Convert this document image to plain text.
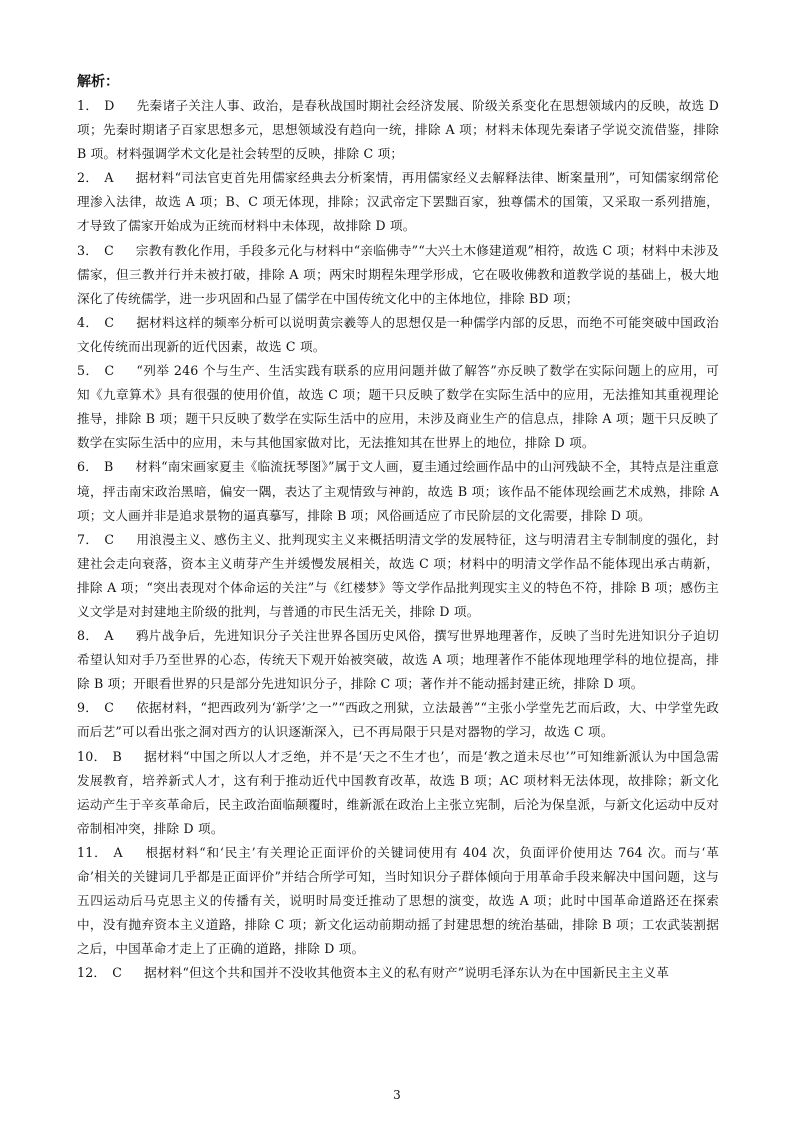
解析：

1． D 先秦诸子关注人事、政治，是春秋战国时期社会经济发展、阶级关系变化在思想领域内的反映，故选 D 项；先秦时期诸子百家思想多元，思想领域没有趋向一统，排除 A 项；材料未体现先秦诸子学说交流借鉴，排除 B 项。材料强调学术文化是社会转型的反映，排除 C 项；

2． A 据材料“司法官吏首先用儒家经典去分析案情，再用儒家经义去解释法律、断案量刑”，可知儒家纲常伦理渗入法律，故选 A 项；B、C 项无体现，排除；汉武帝定下罢黜百家，独尊儒术的国策，又采取一系列措施，才导致了儒家开始成为正统而材料中未体现，故排除 D 项。

3． C 宗教有教化作用，手段多元化与材料中“亲临佛寺”“大兴土木修建道观”相符，故选 C 项；材料中未涉及儒家，但三教并行并未被打破，排除 A 项；两宋时期程朱理学形成，它在吸收佛教和道教学说的基础上，极大地深化了传统儒学，进一步巩固和凸显了儒学在中国传统文化中的主体地位，排除 BD 项；

4． C 据材料这样的频率分析可以说明黄宗羲等人的思想仅是一种儒学内部的反思，而绝不可能突破中国政治文化传统而出现新的近代因素，故选 C 项。

5． C “列举 246 个与生产、生活实践有联系的应用问题并做了解答”亦反映了数学在实际问题上的应用，可知《九章算术》具有很强的使用价值，故选 C 项；题干只反映了数学在实际生活中的应用，无法推知其重视理论推导，排除 B 项；题干只反映了数学在实际生活中的应用，未涉及商业生产的信息点，排除 A 项；题干只反映了数学在实际生活中的应用，未与其他国家做对比，无法推知其在世界上的地位，排除 D 项。

6． B 材料“南宋画家夏圭《临流抚琴图》”属于文人画，夏圭通过绘画作品中的山河残缺不全，其特点是注重意境，抨击南宋政治黑暗，偏安一隅，表达了主观情致与神韵，故选 B 项；该作品不能体现绘画艺术成熟，排除 A 项；文人画并非是追求景物的逼真摹写，排除 B 项；风俗画适应了市民阶层的文化需要，排除 D 项。

7． C 用浪漫主义、感伤主义、批判现实主义来概括明清文学的发展特征，这与明清君主专制制度的强化，封建社会走向衰落，资本主义萌芽产生并缓慢发展相关，故选 C 项；材料中的明清文学作品不能体现出承古萌新，排除 A 项；“突出表现对个体命运的关注”与《红楼梦》等文学作品批判现实主义的特色不符，排除 B 项；感伤主义文学是对封建地主阶级的批判，与普通的市民生活无关，排除 D 项。

8． A 鸦片战争后，先进知识分子关注世界各国历史风俗，撰写世界地理著作，反映了当时先进知识分子迫切希望认知对手乃至世界的心态，传统天下观开始被突破，故选 A 项；地理著作不能体现地理学科的地位提高，排除 B 项；开眼看世界的只是部分先进知识分子，排除 C 项；著作并不能动摇封建正统，排除 D 项。

9． C 依据材料，“把西政列为‘新学’之一”“西政之刑狱，立法最善”“主张小学堂先艺而后政，大、中学堂先政而后艺”可以看出张之洞对西方的认识逐渐深入，已不再局限于只是对器物的学习，故选 C 项。

10． B 据材料“中国之所以人才乏绝，并不是‘天之不生才也’，而是‘教之道未尽也’”可知维新派认为中国急需发展教育，培养新式人才，这有利于推动近代中国教育改革，故选 B 项；AC 项材料无法体现，故排除；新文化运动产生于辛亥革命后，民主政治面临颠覆时，维新派在政治上主张立宪制，后沦为保皇派，与新文化运动中反对帝制相冲突，排除 D 项。

11． A 根据材料“和‘民主’有关理论正面评价的关键词使用有 404 次，负面评价使用达 764 次。而与‘革命’相关的关键词几乎都是正面评价”并结合所学可知，当时知识分子群体倾向于用革命手段来解决中国问题，这与五四运动后马克思主义的传播有关，说明时局变迁推动了思想的演变，故选 A 项；此时中国革命道路还在探索中，没有抛弃资本主义道路，排除 C 项；新文化运动前期动摇了封建思想的统治基础，排除 B 项；工农武装割据之后，中国革命才走上了正确的道路，排除 D 项。

12． C 据材料“但这个共和国并不没收其他资本主义的私有财产”说明毛泽东认为在中国新民主主义革

3
